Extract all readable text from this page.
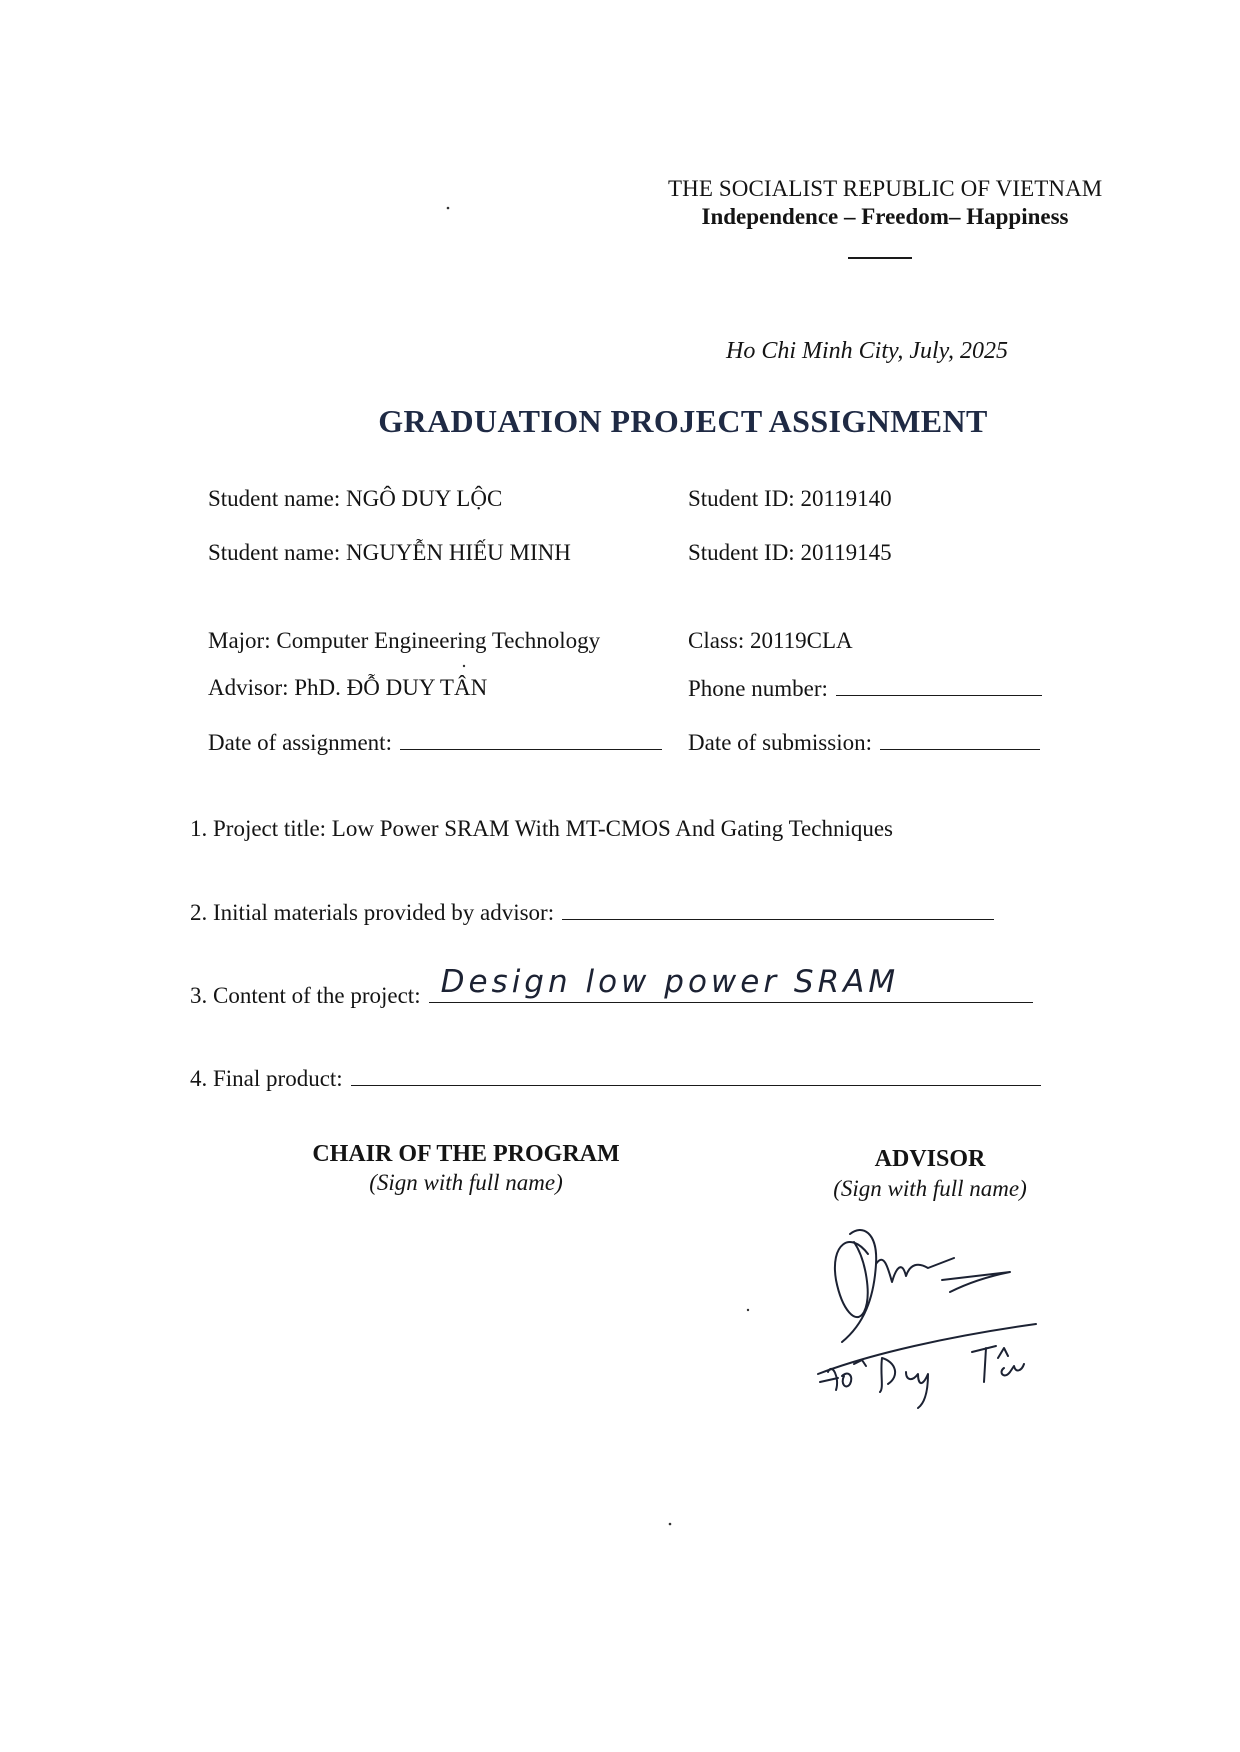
THE SOCIALIST REPUBLIC OF VIETNAM
Independence – Freedom– Happiness
Ho Chi Minh City, July, 2025
GRADUATION PROJECT ASSIGNMENT
Student name: NGÔ DUY LỘC	Student ID: 20119140
Student name: NGUYỄN HIẾU MINH	Student ID: 20119145
Major: Computer Engineering Technology	Class: 20119CLA
Advisor: PhD. ĐỖ DUY TÂN	Phone number:
Date of assignment:	Date of submission:
1. Project title: Low Power SRAM With MT-CMOS And Gating Techniques
2. Initial materials provided by advisor:
3. Content of the project: Design low power SRAM
4. Final product:
CHAIR OF THE PROGRAM
(Sign with full name)
ADVISOR
(Sign with full name)
